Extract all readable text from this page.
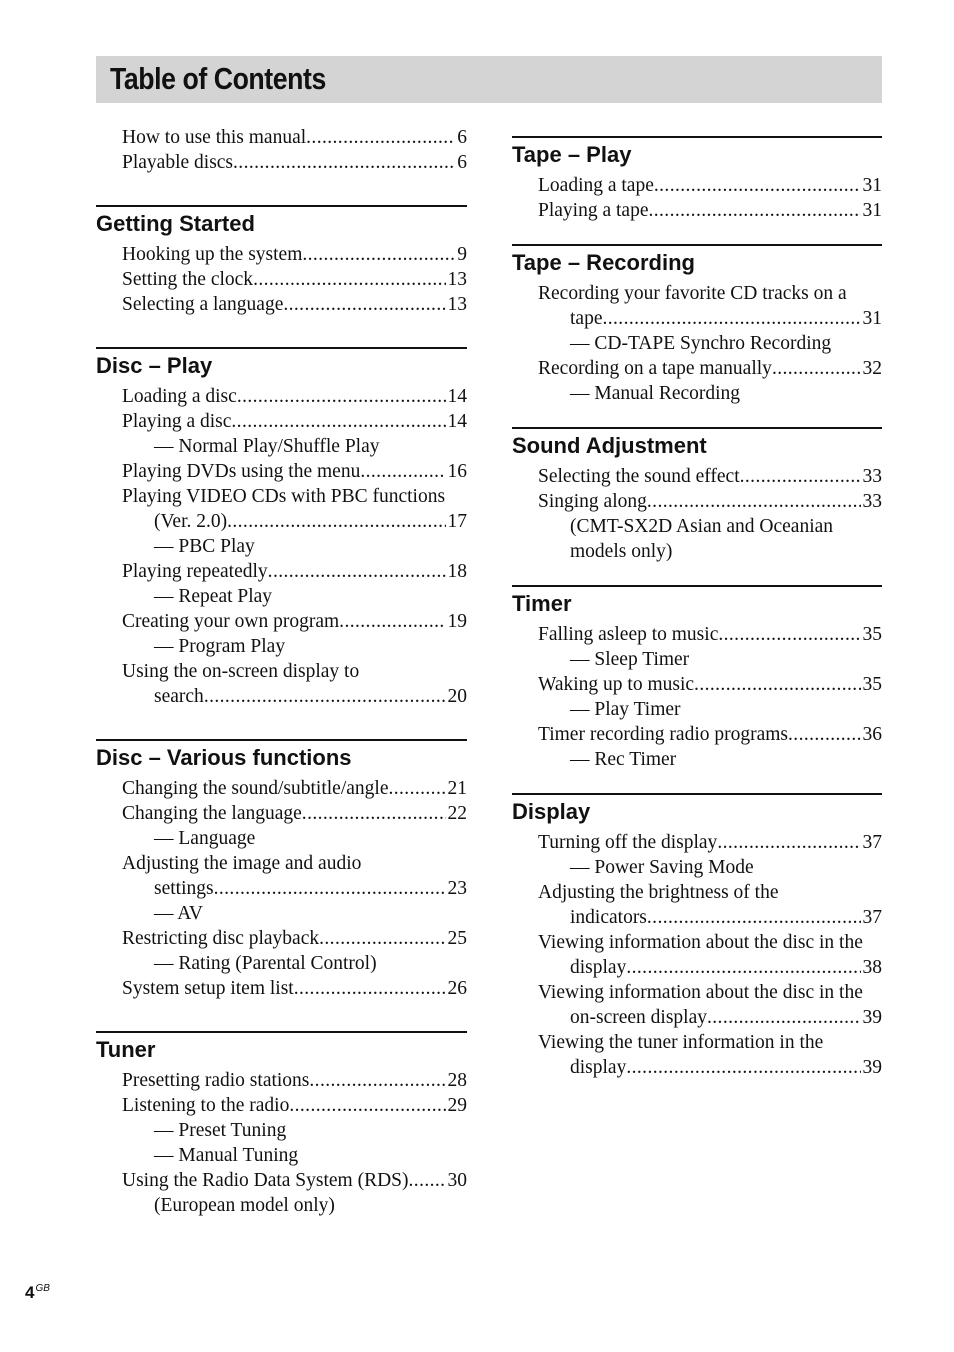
Table of Contents
How to use this manual .....	6
Playable discs .....	6
Getting Started
Hooking up the system .....	9
Setting the clock .....	13
Selecting a language .....	13
Disc – Play
Loading a disc .....	14
Playing a disc .....	14
— Normal Play/Shuffle Play
Playing DVDs using the menu .....	16
Playing VIDEO CDs with PBC functions
(Ver. 2.0) .....	17
— PBC Play
Playing repeatedly .....	18
— Repeat Play
Creating your own program .....	19
— Program Play
Using the on-screen display to
search .....	20
Disc – Various functions
Changing the sound/subtitle/angle .....	21
Changing the language .....	22
— Language
Adjusting the image and audio
settings .....	23
— AV
Restricting disc playback .....	25
— Rating (Parental Control)
System setup item list .....	26
Tuner
Presetting radio stations .....	28
Listening to the radio .....	29
— Preset Tuning
— Manual Tuning
Using the Radio Data System (RDS) ..... 30
(European model only)
Tape – Play
Loading a tape .....	31
Playing a tape .....	31
Tape – Recording
Recording your favorite CD tracks on a
tape .....	31
— CD-TAPE Synchro Recording
Recording on a tape manually .....	32
— Manual Recording
Sound Adjustment
Selecting the sound effect .....	33
Singing along .....	33
(CMT-SX2D Asian and Oceanian
models only)
Timer
Falling asleep to music .....	35
— Sleep Timer
Waking up to music .....	35
— Play Timer
Timer recording radio programs .....	36
— Rec Timer
Display
Turning off the display .....	37
— Power Saving Mode
Adjusting the brightness of the
indicators .....	37
Viewing information about the disc in the
display .....	38
Viewing information about the disc in the
on-screen display .....	39
Viewing the tuner information in the
display .....	39
$4^{GB}$
